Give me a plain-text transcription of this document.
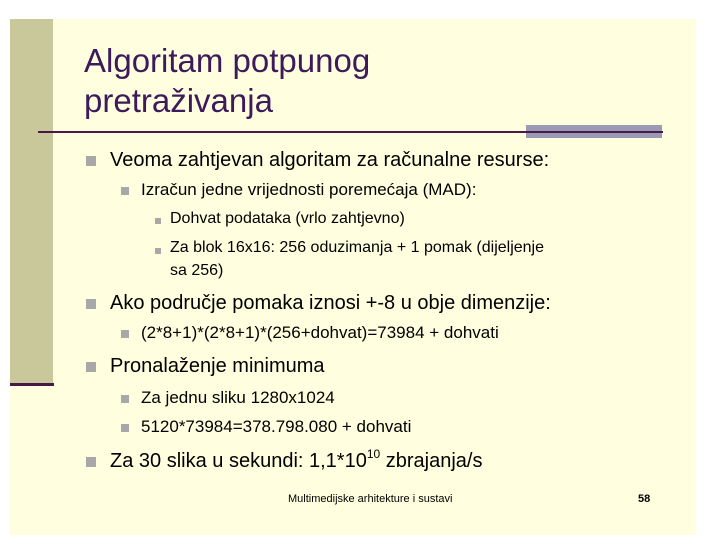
Algoritam potpunog
pretraživanja
Veoma zahtjevan algoritam za računalne resurse:
Izračun jedne vrijednosti poremećaja (MAD):
Dohvat podataka (vrlo zahtjevno)
Za blok 16x16: 256 oduzimanja + 1 pomak (dijeljenje
sa 256)
Ako područje pomaka iznosi +-8 u obje dimenzije:
(2*8+1)*(2*8+1)*(256+dohvat)=73984 + dohvati
Pronalaženje minimuma
Za jednu sliku 1280x1024
5120*73984=378.798.080 + dohvati
Za 30 slika u sekundi: $1,1*10^{10}$ zbrajanja/s
Multimedijske arhitekture i sustavi	58
